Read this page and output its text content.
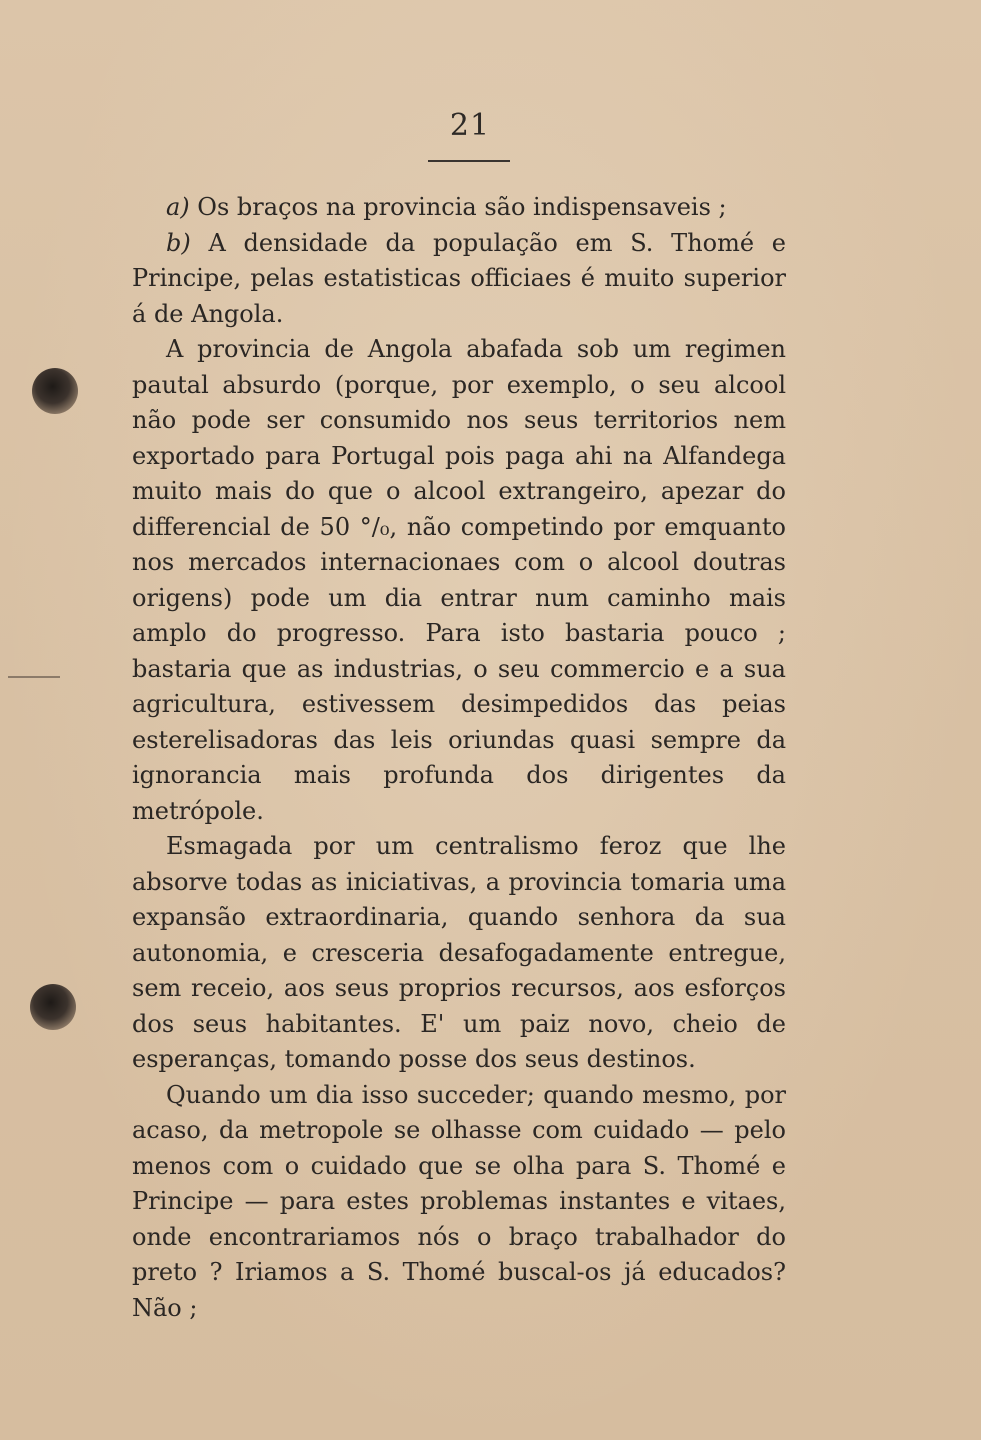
21

a) Os braços na provincia são indispensaveis ;

b) A densidade da população em S. Thomé e Principe, pelas estatisticas officiaes é muito superior á de Angola.

A provincia de Angola abafada sob um regimen pautal absurdo (porque, por exemplo, o seu alcool não pode ser consumido nos seus territorios nem exportado para Portugal pois paga ahi na Alfandega muito mais do que o alcool extrangeiro, apezar do differencial de 50 °/₀, não competindo por emquanto nos mercados internacionaes com o alcool doutras origens) pode um dia entrar num caminho mais amplo do progresso. Para isto bastaria pouco ; bastaria que as industrias, o seu commercio e a sua agricultura, estivessem desimpedidos das peias esterelisadoras das leis oriundas quasi sempre da ignorancia mais profunda dos dirigentes da metrópole.

Esmagada por um centralismo feroz que lhe absorve todas as iniciativas, a provincia tomaria uma expansão extraordinaria, quando senhora da sua autonomia, e cresceria desafogadamente entregue, sem receio, aos seus proprios recursos, aos esforços dos seus habitantes. E' um paiz novo, cheio de esperanças, tomando posse dos seus destinos.

Quando um dia isso succeder; quando mesmo, por acaso, da metropole se olhasse com cuidado — pelo menos com o cuidado que se olha para S. Thomé e Principe — para estes problemas instantes e vitaes, onde encontrariamos nós o braço trabalhador do preto ? Iriamos a S. Thomé buscal-os já educados? Não ;
